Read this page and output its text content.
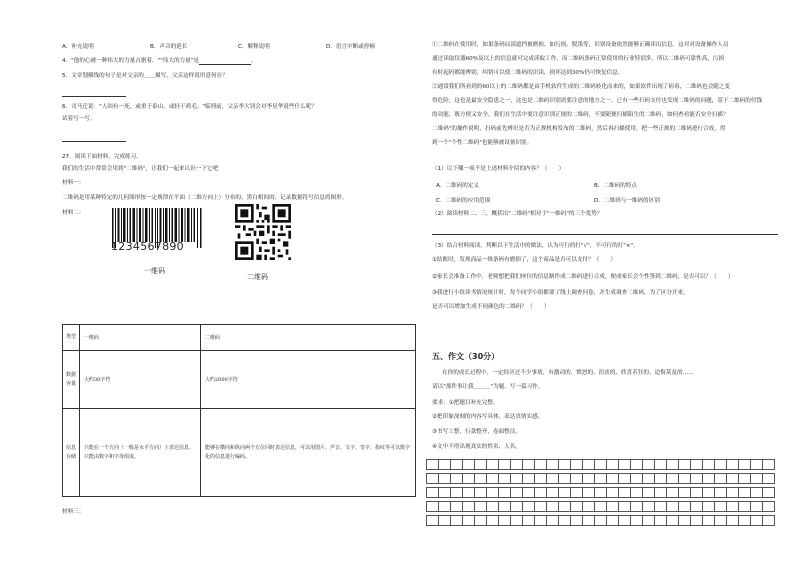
A．补充说明	B．声音的延长	C．解释说明	D．语言中断或停顿
4．"他的心被一种伟大的力量占据着。""伟大的力量"是	。
5．文章划横线的句子是对父亲的＿＿描写，父亲这样说用意何在？
6．司马迁说："人固有一死，或重于泰山，或轻于鸿毛。"临刑前，父亲李大钊会对李星华说些什么呢？
试着写一写。
27．阅读下面材料，完成练习。
我们的生活中常常会用到"二维码"，让我们一起来认识一下它吧
材料一：
二维码是用某种特定的几何图形按一定规律在平面（二维方向上）分布的、黑白相间的、记录数据符号信息的图形。
材料二：
1234567890
一维码
二维码
类型	一维码	二维码
数据容量	大约30字符	大约2000字符
信息存储	只能在一个方向（一般是水平方向）上表达信息，只能由数字和字母组成。	能够在横向和纵向两个方位同时表达信息，可以用图片、声音、文字、签字、指纹等可以数字化的信息进行编码。
材料三：
①二维码在使用时，如果条码局部遮挡被磨损、如污损、脱墨等，识别设备依然能够正确读出信息。这对对设备操作人员
通过读取仪器60%及以上的信息就可完成读取工作，而二维码条码正常使用的行业特别多，所以二维码可靠性高，污损
有时起码都能辨别，纠错可以使二维码的识读，损坏达到30%仍可恢复信息。
②通常我们所看到的60以上的二维码都是由手机软件生成的二维码转化而来的，如果软件出现了病毒，二维码也会随之变
得危险，这也是最安全隐患之一，这也是二维码识别需要注意的地方之一。已有一些扫码支付也发现二维码的问题，基于二维码的付钱
的功能，既方便又安全。我们在生活中要注意识别正规的二维码，不要随便扫描陌生的二维码，如何查看能否安全扫描？
二维码"的操作说明，扫码前先辨识是否为正规机构发布的二维码，然后再扫描使用。把一些正规的二维码进行合成，得
到一个"个性二维码"也能够被设备识别。
（1）以下哪一项不是上述材料介绍的内容？（　　）
A．二维码的定义	B．二维码的特点
C．二维码的应用范围	D．二维码与一维码的区别
（2）阅读材料二、三，概括出"二维码"相对于"一维码"的三个优势？
（3）结合材料阅读，判断以下生活中的做法，认为可行的打"√"，不可行的打"×"。
①结账时，发现商品一维条码有磨损了，这个商品是否可以支付？（　　）
②家长会准备工作中，老师想把我们座位的信息制作成二维码进行合成，便成家长会个性签到二维码，是否可以？（　　）
③我进行小组读书情况统计时，每个同学小组都要了线上调查问卷，并生成调查二维码，为了区分开来，
是否可以增加生成不同颜色的二维码？（　　）
五、作文（30分）
在你的成长过程中，一定经历过不少事情，有激动的、愤怒的、沮丧的、欣喜若狂的、追悔莫及的……
请以"那件事让我＿＿＿"为题，写一篇习作。
要求：①把题目补充完整。
②把印象深刻的内容写具体，表达真情实感。
③书写工整，行款整齐，卷面整洁。
④文中不得出现真实的姓名、人名。
